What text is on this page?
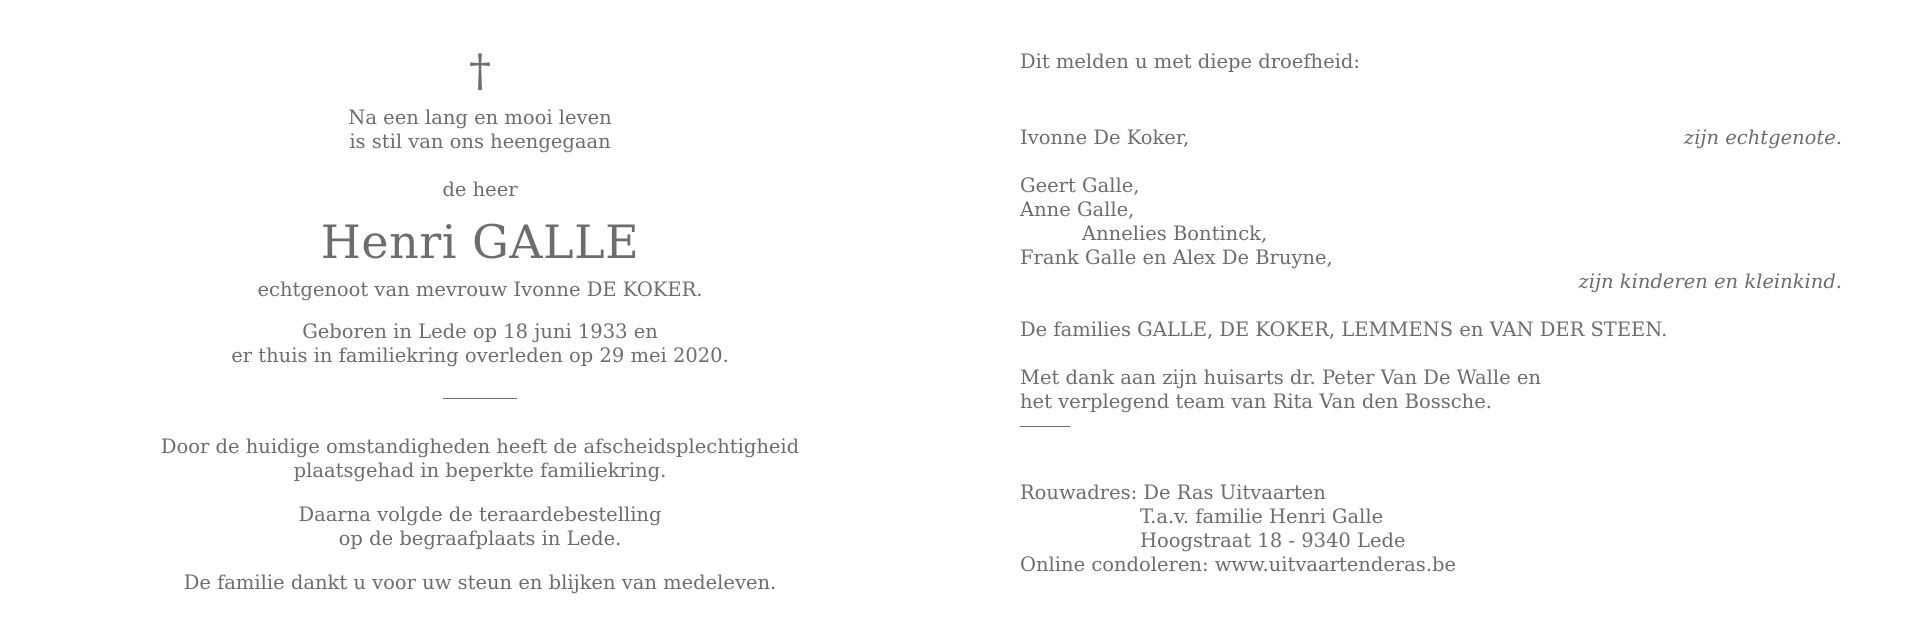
†

Na een lang en mooi leven

is stil van ons heengegaan

de heer

Henri GALLE

echtgenoot van mevrouw Ivonne DE KOKER.

Geboren in Lede op 18 juni 1933 en

er thuis in familiekring overleden op 29 mei 2020.

Door de huidige omstandigheden heeft de afscheidsplechtigheid

plaatsgehad in beperkte familiekring.

Daarna volgde de teraardebestelling

op de begraafplaats in Lede.

De familie dankt u voor uw steun en blijken van medeleven.

Dit melden u met diepe droefheid:

Ivonne De Koker,	zijn echtgenote.

Geert Galle,

Anne Galle,

Annelies Bontinck,

Frank Galle en Alex De Bruyne,

zijn kinderen en kleinkind.

De families GALLE, DE KOKER, LEMMENS en VAN DER STEEN.

Met dank aan zijn huisarts dr. Peter Van De Walle en

het verplegend team van Rita Van den Bossche.

Rouwadres: De Ras Uitvaarten

T.a.v. familie Henri Galle

Hoogstraat 18 - 9340 Lede

Online condoleren: www.uitvaartenderas.be
